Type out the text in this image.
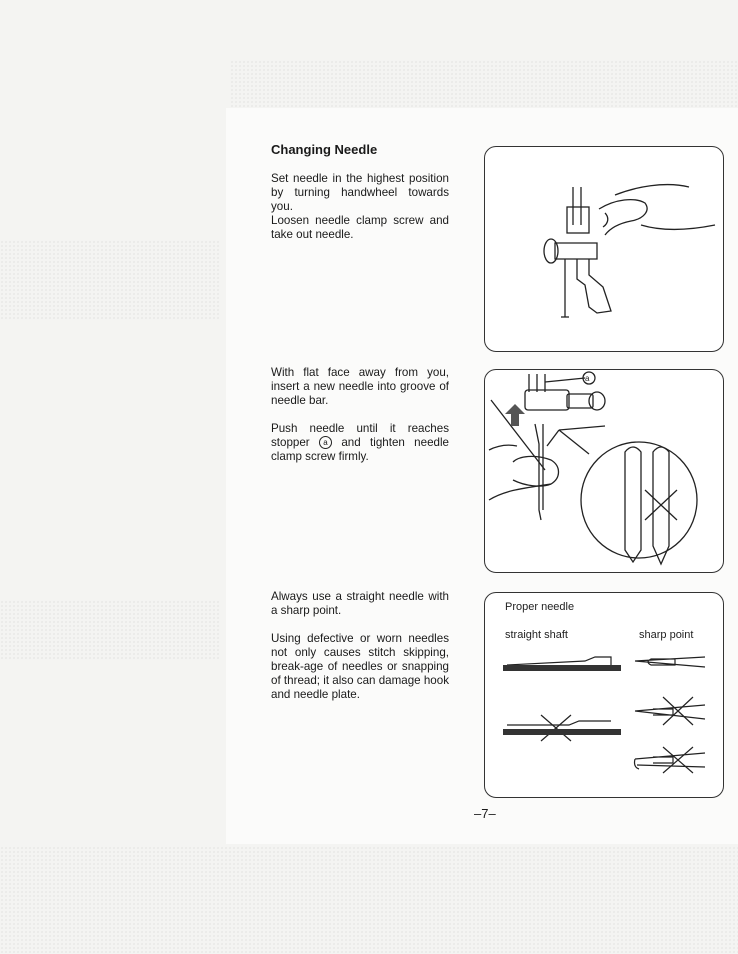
Changing Needle

Set needle in the highest position by turning handwheel towards you.

Loosen needle clamp screw and take out needle.

With flat face away from you, insert a new needle into groove of needle bar.

Push needle until it reaches stopper a and tighten needle clamp screw firmly.

Always use a straight needle with a sharp point.

Using defective or worn needles not only causes stitch skipping, break-age of needles or snapping of thread; it also can damage hook and needle plate.

a

Proper needle

straight shaft	sharp point

–7–
